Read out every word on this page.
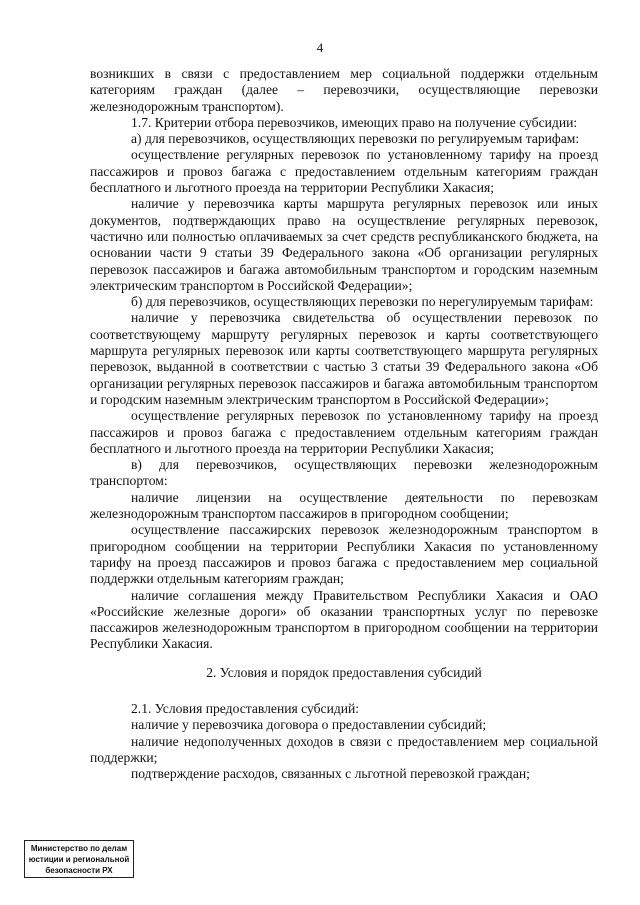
4

возникших в связи с предоставлением мер социальной поддержки отдельным категориям граждан (далее – перевозчики, осуществляющие перевозки железнодорожным транспортом).

1.7. Критерии отбора перевозчиков, имеющих право на получение субсидии:

а) для перевозчиков, осуществляющих перевозки по регулируемым тарифам:

осуществление регулярных перевозок по установленному тарифу на проезд пассажиров и провоз багажа с предоставлением отдельным категориям граждан бесплатного и льготного проезда на территории Республики Хакасия;

наличие у перевозчика карты маршрута регулярных перевозок или иных документов, подтверждающих право на осуществление регулярных перевозок, частично или полностью оплачиваемых за счет средств республиканского бюджета, на основании части 9 статьи 39 Федерального закона «Об организации регулярных перевозок пассажиров и багажа автомобильным транспортом и городским наземным электрическим транспортом в Российской Федерации»;

б) для перевозчиков, осуществляющих перевозки по нерегулируемым тарифам:

наличие у перевозчика свидетельства об осуществлении перевозок по соответствующему маршруту регулярных перевозок и карты соответствующего маршрута регулярных перевозок или карты соответствующего маршрута регулярных перевозок, выданной в соответствии с частью 3 статьи 39 Федерального закона «Об организации регулярных перевозок пассажиров и багажа автомобильным транспортом и городским наземным электрическим транспортом в Российской Федерации»;

осуществление регулярных перевозок по установленному тарифу на проезд пассажиров и провоз багажа с предоставлением отдельным категориям граждан бесплатного и льготного проезда на территории Республики Хакасия;

в) для перевозчиков, осуществляющих перевозки железнодорожным транспортом:

наличие лицензии на осуществление деятельности по перевозкам железнодорожным транспортом пассажиров в пригородном сообщении;

осуществление пассажирских перевозок железнодорожным транспортом в пригородном сообщении на территории Республики Хакасия по установленному тарифу на проезд пассажиров и провоз багажа с предоставлением мер социальной поддержки отдельным категориям граждан;

наличие соглашения между Правительством Республики Хакасия и ОАО «Российские железные дороги» об оказании транспортных услуг по перевозке пассажиров железнодорожным транспортом в пригородном сообщении на территории Республики Хакасия.

2. Условия и порядок предоставления субсидий

2.1. Условия предоставления субсидий:

наличие у перевозчика договора о предоставлении субсидий;

наличие недополученных доходов в связи с предоставлением мер социальной поддержки;

подтверждение расходов, связанных с льготной перевозкой граждан;

Министерство по делам
юстиции и региональной
безопасности РХ
